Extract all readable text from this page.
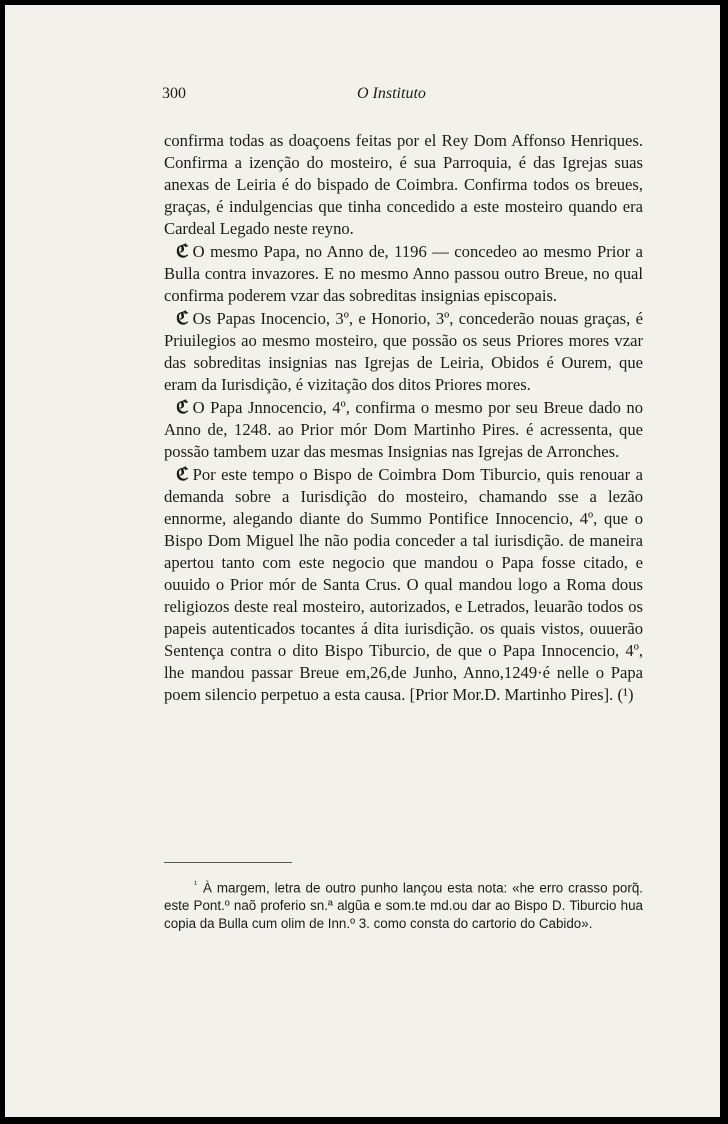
300	O Instituto

confirma todas as doaçoens feitas por el Rey Dom Affonso Henriques. Confirma a izenção do mosteiro, é sua Parroquia, é das Igrejas suas anexas de Leiria é do bispado de Coimbra. Confirma todos os breues, graças, é indulgencias que tinha concedido a este mosteiro quando era Cardeal Legado neste reyno.

ℭ O mesmo Papa, no Anno de, 1196 — concedeo ao mesmo Prior a Bulla contra invazores. E no mesmo Anno passou outro Breue, no qual confirma poderem vzar das sobreditas insignias episcopais.

ℭ Os Papas Inocencio, 3º, e Honorio, 3º, concederão nouas graças, é Priuilegios ao mesmo mosteiro, que possão os seus Priores mores vzar das sobreditas insignias nas Igrejas de Leiria, Obidos é Ourem, que eram da Iurisdição, é vizitação dos ditos Priores mores.

ℭ O Papa Jnnocencio, 4º, confirma o mesmo por seu Breue dado no Anno de, 1248. ao Prior mór Dom Martinho Pires. é acressenta, que possão tambem uzar das mesmas Insignias nas Igrejas de Arronches.

ℭ Por este tempo o Bispo de Coimbra Dom Tiburcio, quis renouar a demanda sobre a Iurisdição do mosteiro, chamando sse a lezão ennorme, alegando diante do Summo Pontifice Innocencio, 4º, que o Bispo Dom Miguel lhe não podia conceder a tal iurisdição. de maneira apertou tanto com este negocio que mandou o Papa fosse citado, e ouuido o Prior mór de Santa Crus. O qual mandou logo a Roma dous religiozos deste real mosteiro, autorizados, e Letrados, leuarão todos os papeis autenticados tocantes á dita iurisdição. os quais vistos, ouuerão Sentença contra o dito Bispo Tiburcio, de que o Papa Innocencio, 4º, lhe mandou passar Breue em,26,de Junho, Anno,1249·é nelle o Papa poem silencio perpetuo a esta causa. [Prior Mor.D. Martinho Pires]. (¹)

$^{^1}$ À margem, letra de outro punho lançou esta nota: «he erro crasso porq̃. este Pont.º naõ proferio sn.ª algũa e som.te md.ou dar ao Bispo D. Tiburcio hua copia da Bulla cum olim de Inn.º 3. como consta do cartorio do Cabido».
